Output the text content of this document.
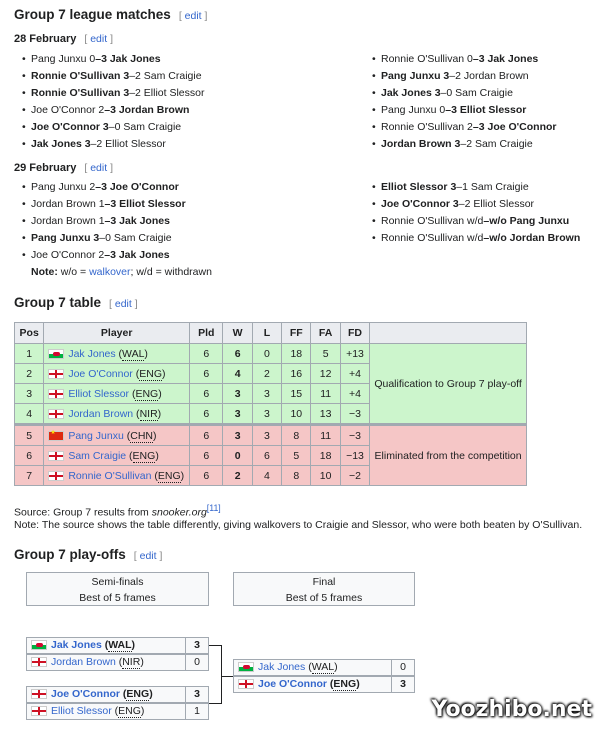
Group 7 league matches [ edit ]
28 February [ edit ]
• Pang Junxu 0–3 Jak Jones
• Ronnie O'Sullivan 3–2 Sam Craigie
• Ronnie O'Sullivan 3–2 Elliot Slessor
• Joe O'Connor 2–3 Jordan Brown
• Joe O'Connor 3–0 Sam Craigie
• Jak Jones 3–2 Elliot Slessor
• Ronnie O'Sullivan 0–3 Jak Jones
• Pang Junxu 3–2 Jordan Brown
• Jak Jones 3–0 Sam Craigie
• Pang Junxu 0–3 Elliot Slessor
• Ronnie O'Sullivan 2–3 Joe O'Connor
• Jordan Brown 3–2 Sam Craigie
29 February [ edit ]
• Pang Junxu 2–3 Joe O'Connor
• Jordan Brown 1–3 Elliot Slessor
• Jordan Brown 1–3 Jak Jones
• Pang Junxu 3–0 Sam Craigie
• Joe O'Connor 2–3 Jak Jones
• Elliot Slessor 3–1 Sam Craigie
• Joe O'Connor 3–2 Elliot Slessor
• Ronnie O'Sullivan w/d–w/o Pang Junxu
• Ronnie O'Sullivan w/d–w/o Jordan Brown
Note: w/o = walkover; w/d = withdrawn
Group 7 table [ edit ]
Pos	Player	Pld	W	L	FF	FA	FD	
1	Jak Jones (WAL)	6	6	0	18	5	+13	Qualification to Group 7 play-off
2	Joe O'Connor (ENG)	6	4	2	16	12	+4	
3	Elliot Slessor (ENG)	6	3	3	15	11	+4	
4	Jordan Brown (NIR)	6	3	3	10	13	−3	
5	★Pang Junxu (CHN)	6	3	3	8	11	−3	Eliminated from the competition
6	Sam Craigie (ENG)	6	0	6	5	18	−13	
7	Ronnie O'Sullivan (ENG)	6	2	4	8	10	−2	
Source: Group 7 results from snooker.org[11]
Note: The source shows the table differently, giving walkovers to Craigie and Slessor, who were both beaten by O'Sullivan.
Group 7 play-offs [ edit ]
Semi-finals
Best of 5 frames
Final
Best of 5 frames
Jak Jones (WAL)	3
Jordan Brown (NIR)	0
Joe O'Connor (ENG)	3
Elliot Slessor (ENG)	1
Jak Jones (WAL)	0
Joe O'Connor (ENG)	3
Yoozhibo.net
